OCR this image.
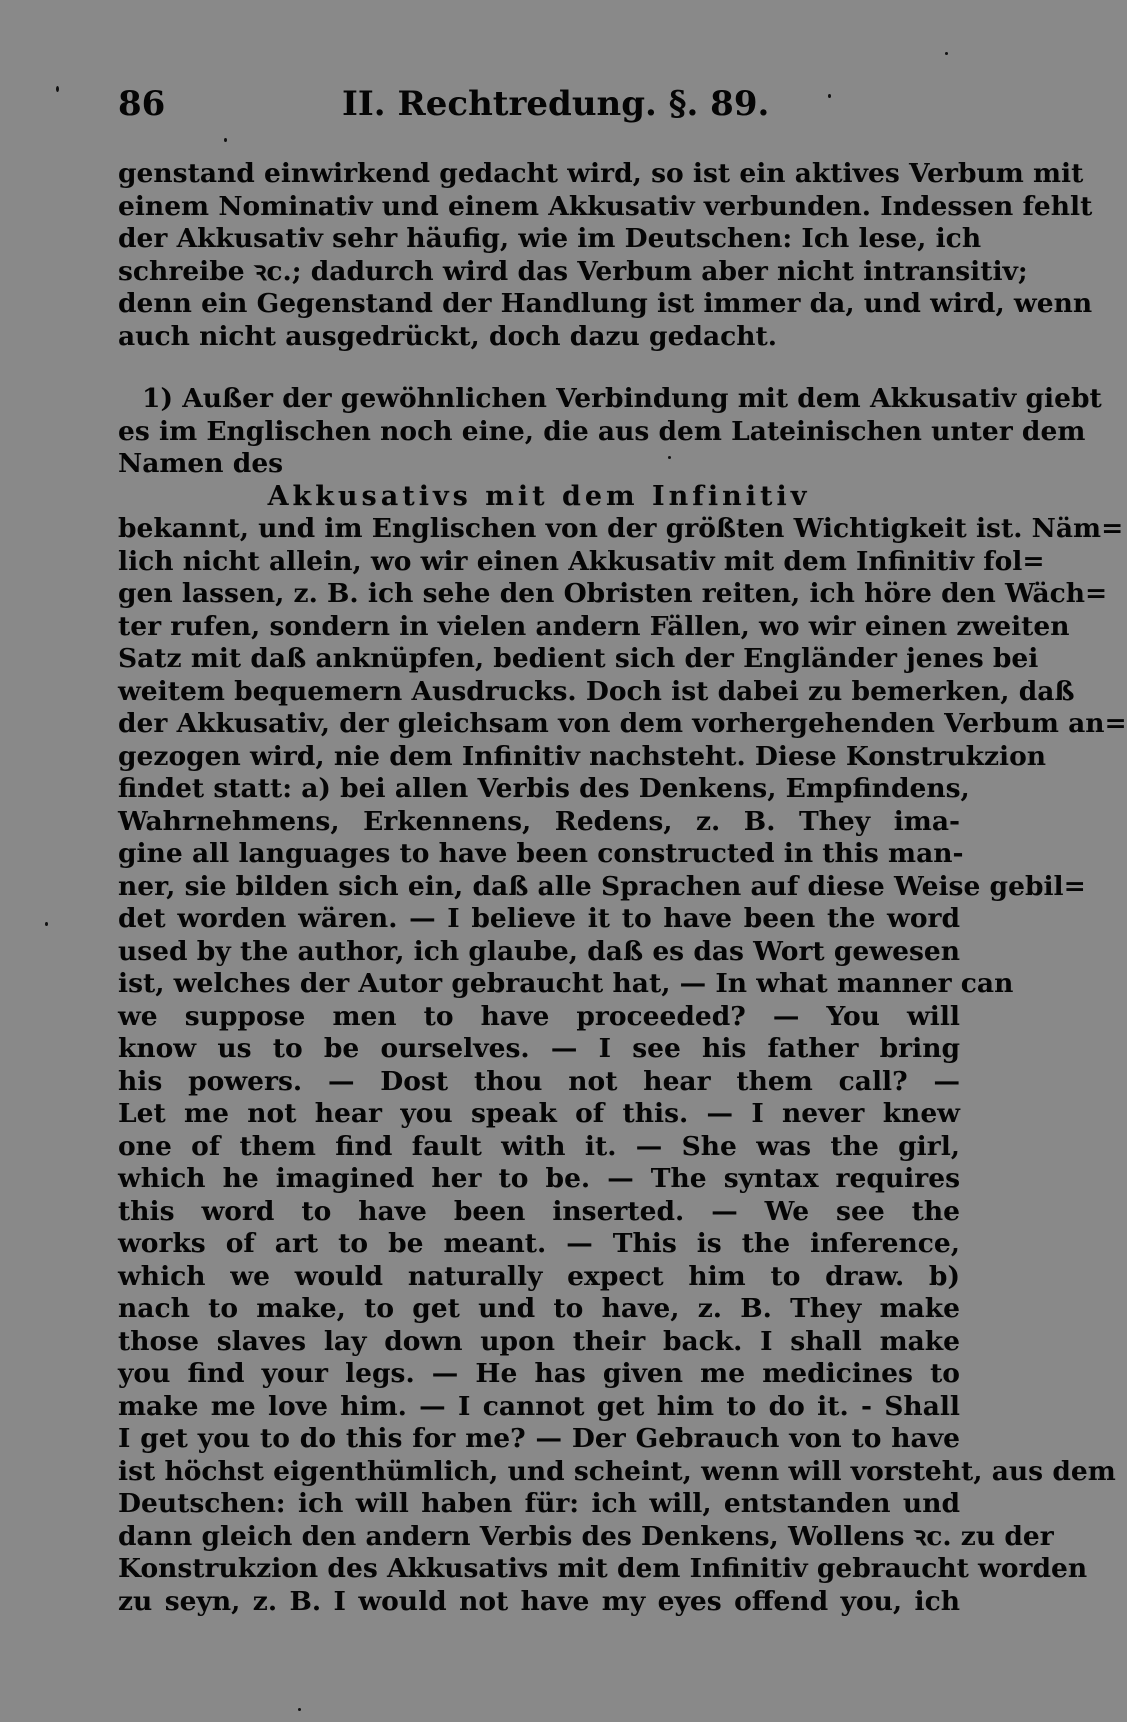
86	II. Rechtredung. §. 89.
genstand einwirkend gedacht wird, so ist ein aktives Verbum mit
einem Nominativ und einem Akkusativ verbunden. Indessen fehlt
der Akkusativ sehr häufig, wie im Deutschen: Ich lese, ich
schreibe ꝛc.; dadurch wird das Verbum aber nicht intransitiv;
denn ein Gegenstand der Handlung ist immer da, und wird, wenn
auch nicht ausgedrückt, doch dazu gedacht.
1) Außer der gewöhnlichen Verbindung mit dem Akkusativ giebt
es im Englischen noch eine, die aus dem Lateinischen unter dem
Namen des
Akkusativs mit dem Infinitiv
bekannt, und im Englischen von der größten Wichtigkeit ist. Näm=
lich nicht allein, wo wir einen Akkusativ mit dem Infinitiv fol=
gen lassen, z. B. ich sehe den Obristen reiten, ich höre den Wäch=
ter rufen, sondern in vielen andern Fällen, wo wir einen zweiten
Satz mit daß anknüpfen, bedient sich der Engländer jenes bei
weitem bequemern Ausdrucks. Doch ist dabei zu bemerken, daß
der Akkusativ, der gleichsam von dem vorhergehenden Verbum an=
gezogen wird, nie dem Infinitiv nachsteht. Diese Konstrukzion
findet statt: a) bei allen Verbis des Denkens, Empfindens,
Wahrnehmens, Erkennens, Redens, z. B. They ima-
gine all languages to have been constructed in this man-
ner, sie bilden sich ein, daß alle Sprachen auf diese Weise gebil=
det worden wären. — I believe it to have been the word
used by the author, ich glaube, daß es das Wort gewesen
ist, welches der Autor gebraucht hat, — In what manner can
we suppose men to have proceeded? — You will
know us to be ourselves. — I see his father bring
his powers. — Dost thou not hear them call? —
Let me not hear you speak of this. — I never knew
one of them find fault with it. — She was the girl,
which he imagined her to be. — The syntax requires
this word to have been inserted. — We see the
works of art to be meant. — This is the inference,
which we would naturally expect him to draw. b)
nach to make, to get und to have, z. B. They make
those slaves lay down upon their back. I shall make
you find your legs. — He has given me medicines to
make me love him. — I cannot get him to do it. - Shall
I get you to do this for me? — Der Gebrauch von to have
ist höchst eigenthümlich, und scheint, wenn will vorsteht, aus dem
Deutschen: ich will haben für: ich will, entstanden und
dann gleich den andern Verbis des Denkens, Wollens ꝛc. zu der
Konstrukzion des Akkusativs mit dem Infinitiv gebraucht worden
zu seyn, z. B. I would not have my eyes offend you, ich
